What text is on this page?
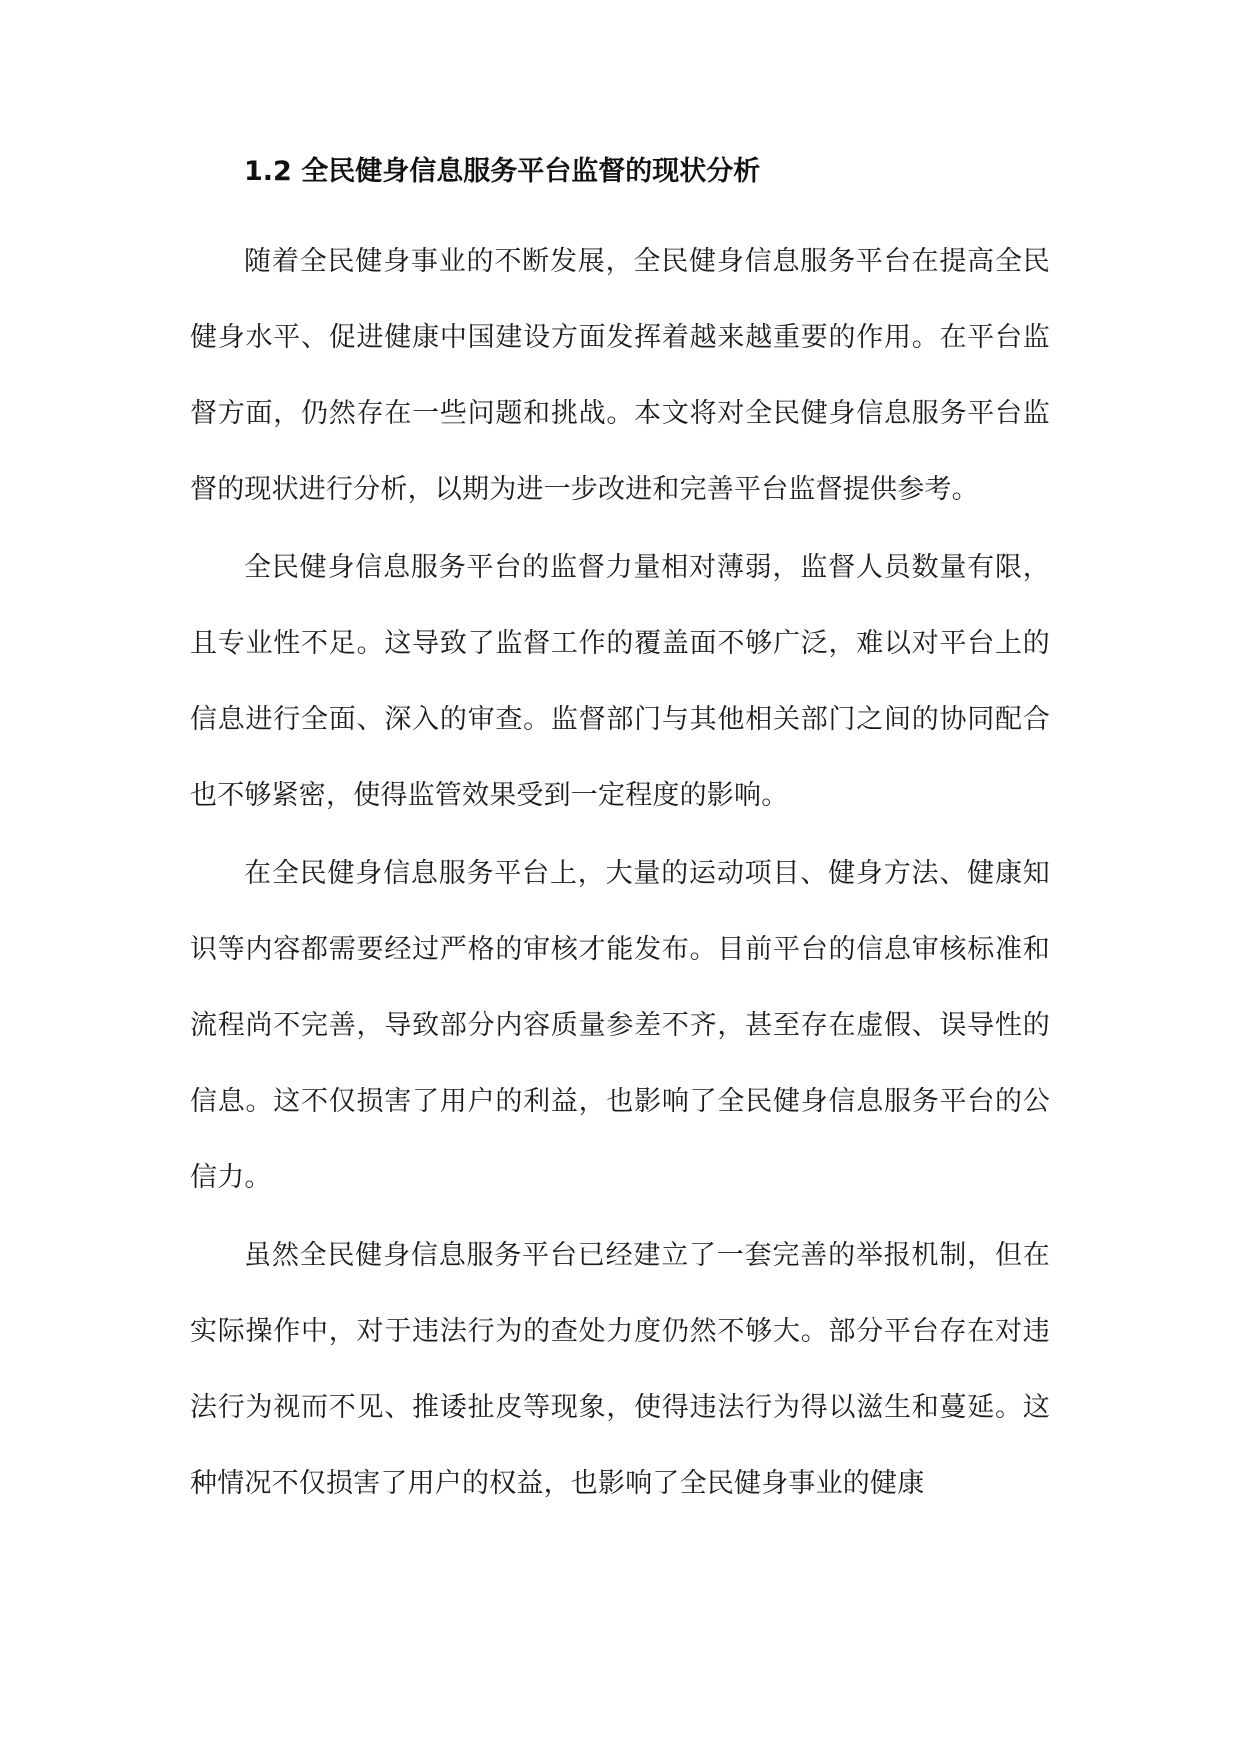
1.2 全民健身信息服务平台监督的现状分析

随着全民健身事业的不断发展，全民健身信息服务平台在提高全民健身水平、促进健康中国建设方面发挥着越来越重要的作用。在平台监督方面，仍然存在一些问题和挑战。本文将对全民健身信息服务平台监督的现状进行分析，以期为进一步改进和完善平台监督提供参考。

全民健身信息服务平台的监督力量相对薄弱，监督人员数量有限，且专业性不足。这导致了监督工作的覆盖面不够广泛，难以对平台上的信息进行全面、深入的审查。监督部门与其他相关部门之间的协同配合也不够紧密，使得监管效果受到一定程度的影响。

在全民健身信息服务平台上，大量的运动项目、健身方法、健康知识等内容都需要经过严格的审核才能发布。目前平台的信息审核标准和流程尚不完善，导致部分内容质量参差不齐，甚至存在虚假、误导性的信息。这不仅损害了用户的利益，也影响了全民健身信息服务平台的公信力。

虽然全民健身信息服务平台已经建立了一套完善的举报机制，但在实际操作中，对于违法行为的查处力度仍然不够大。部分平台存在对违法行为视而不见、推诿扯皮等现象，使得违法行为得以滋生和蔓延。这种情况不仅损害了用户的权益，也影响了全民健身事业的健康
